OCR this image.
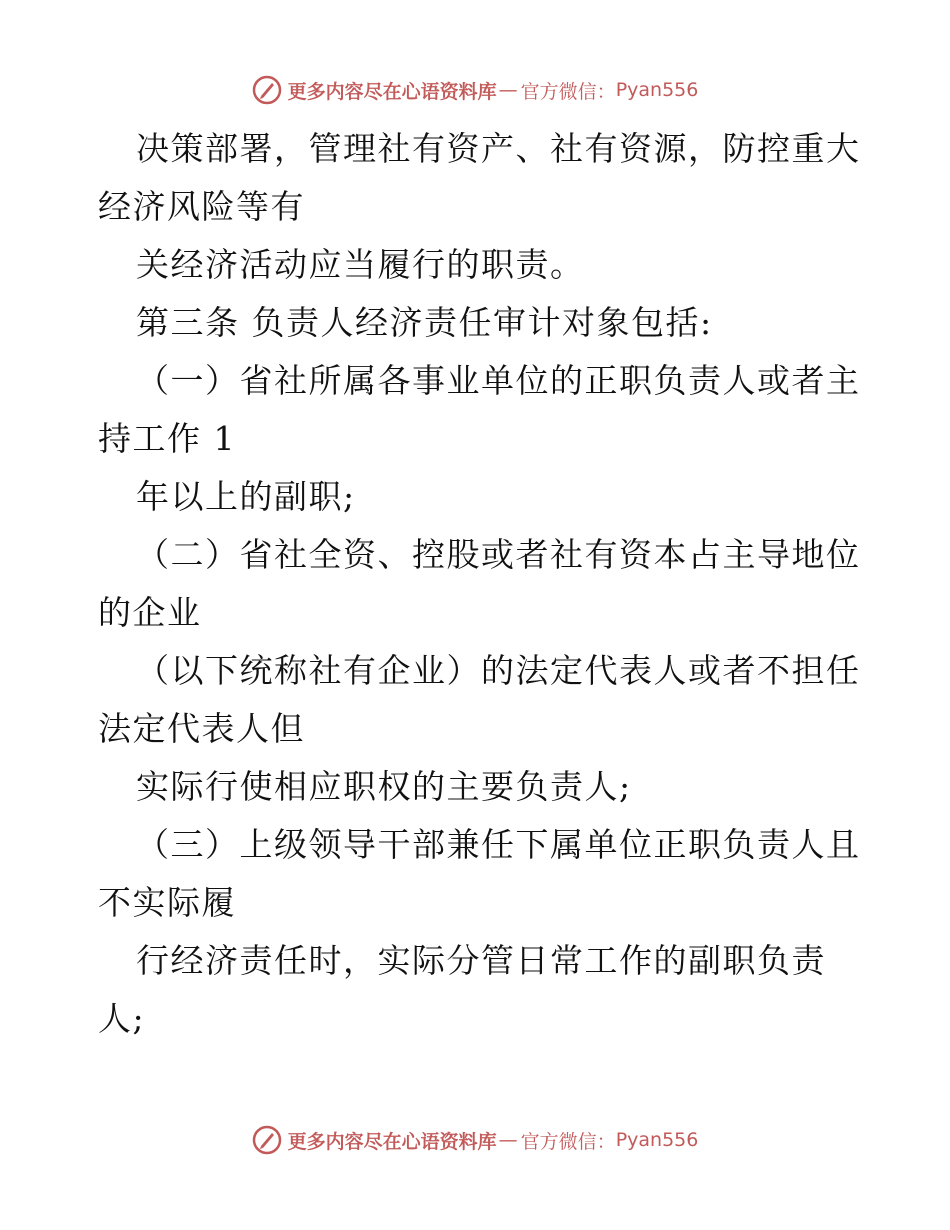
更多内容尽在心语资料库 — 官方微信： Pyan556
决策部署，管理社有资产、社有资源，防控重大
经济风险等有
关经济活动应当履行的职责。
第三条 负责人经济责任审计对象包括:
（一）省社所属各事业单位的正职负责人或者主
持工作 1
年以上的副职;
（二）省社全资、控股或者社有资本占主导地位
的企业
（以下统称社有企业）的法定代表人或者不担任
法定代表人但
实际行使相应职权的主要负责人;
（三）上级领导干部兼任下属单位正职负责人且
不实际履
行经济责任时，实际分管日常工作的副职负责
人;
更多内容尽在心语资料库 — 官方微信： Pyan556
